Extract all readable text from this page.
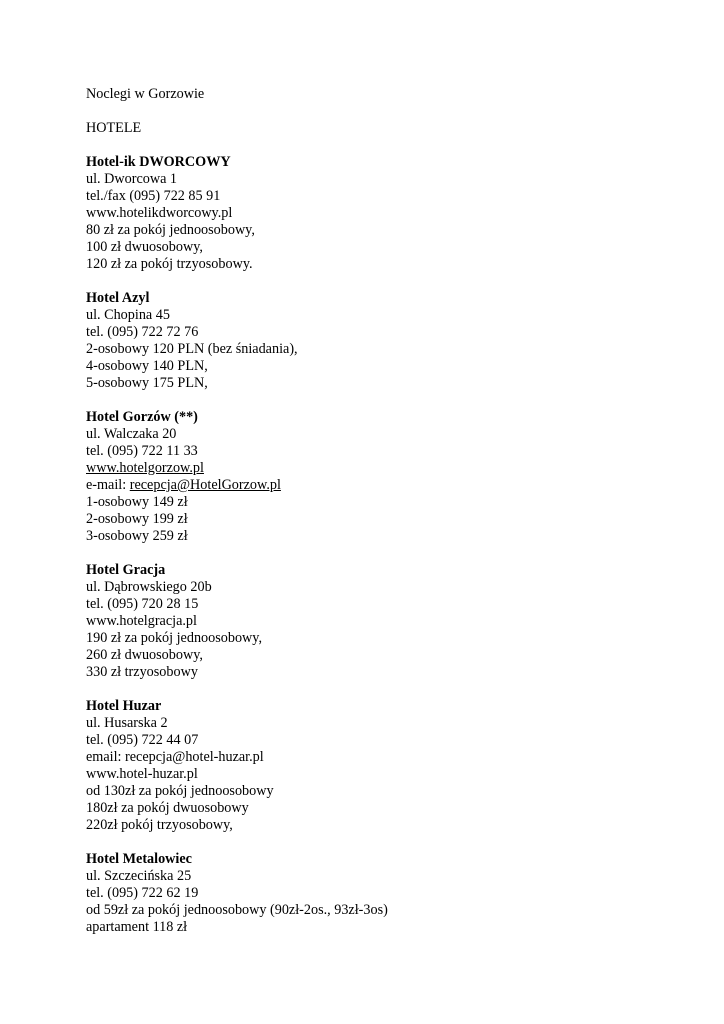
Noclegi w Gorzowie
HOTELE
Hotel-ik DWORCOWY
ul. Dworcowa 1
tel./fax (095) 722 85 91
www.hotelikdworcowy.pl
80 zł za pokój jednoosobowy,
100 zł dwuosobowy,
120 zł za pokój trzyosobowy.
Hotel Azyl
ul. Chopina 45
tel. (095) 722 72 76
2-osobowy 120 PLN (bez śniadania),
4-osobowy 140 PLN,
5-osobowy 175 PLN,
Hotel Gorzów (**)
ul. Walczaka 20
tel. (095) 722 11 33
www.hotelgorzow.pl
e-mail: recepcja@HotelGorzow.pl
1-osobowy 149 zł
2-osobowy 199 zł
3-osobowy 259 zł
Hotel Gracja
ul. Dąbrowskiego 20b
tel. (095) 720 28 15
www.hotelgracja.pl
190 zł za pokój jednoosobowy,
260 zł dwuosobowy,
330 zł trzyosobowy
Hotel Huzar
ul. Husarska 2
tel. (095) 722 44 07
email: recepcja@hotel-huzar.pl
www.hotel-huzar.pl
od 130zł za pokój jednoosobowy
180zł za pokój dwuosobowy
220zł pokój trzyosobowy,
Hotel Metalowiec
ul. Szczecińska 25
tel. (095) 722 62 19
od 59zł za pokój jednoosobowy (90zł-2os., 93zł-3os)
apartament 118 zł
